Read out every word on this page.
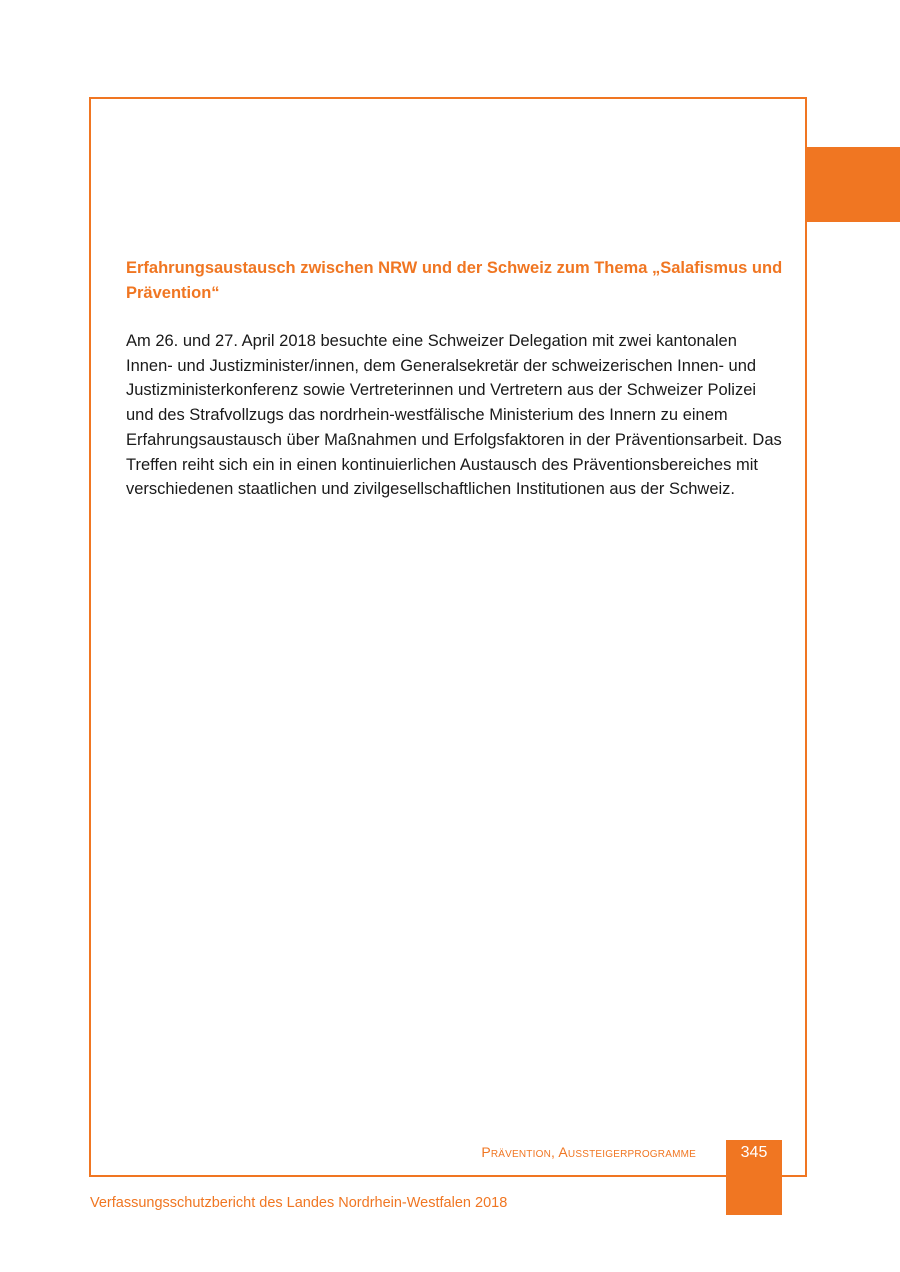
Erfahrungsaustausch zwischen NRW und der Schweiz zum Thema „Salafismus und Prävention“

Am 26. und 27. April 2018 besuchte eine Schweizer Delegation mit zwei kantonalen Innen- und Justizminister/innen, dem Generalsekretär der schweizerischen Innen- und Justizministerkonferenz sowie Vertreterinnen und Vertretern aus der Schweizer Polizei und des Strafvollzugs das nordrhein-westfälische Ministerium des Innern zu einem Erfahrungsaustausch über Maßnahmen und Erfolgsfaktoren in der Präventionsarbeit. Das Treffen reiht sich ein in einen kontinuierlichen Austausch des Präventionsbereiches mit verschiedenen staatlichen und zivilgesellschaftlichen Institutionen aus der Schweiz.

Prävention, Aussteigerprogramme	345
Verfassungsschutzbericht des Landes Nordrhein-Westfalen 2018
